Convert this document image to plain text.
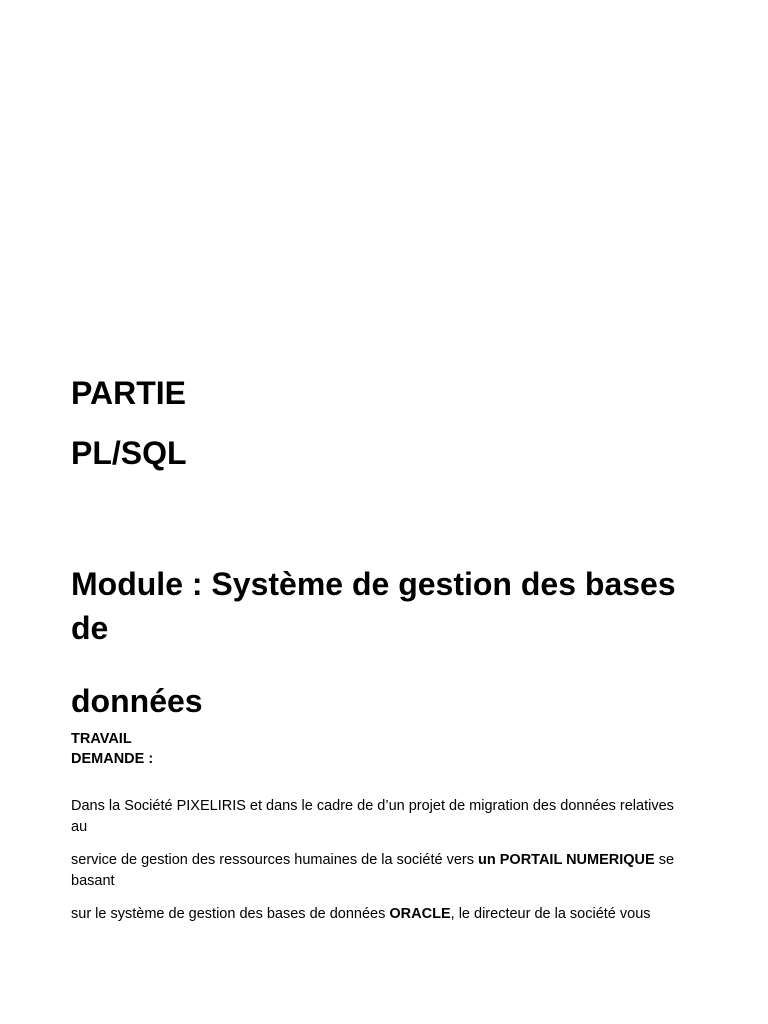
PARTIE
PL/SQL
Module : Système de gestion des bases de
données
TRAVAIL
DEMANDE :

Dans la Société PIXELIRIS et dans le cadre de d’un projet de migration des données relatives au

service de gestion des ressources humaines de la société vers un PORTAIL NUMERIQUE se basant

sur le système de gestion des bases de données ORACLE, le directeur de la société vous
